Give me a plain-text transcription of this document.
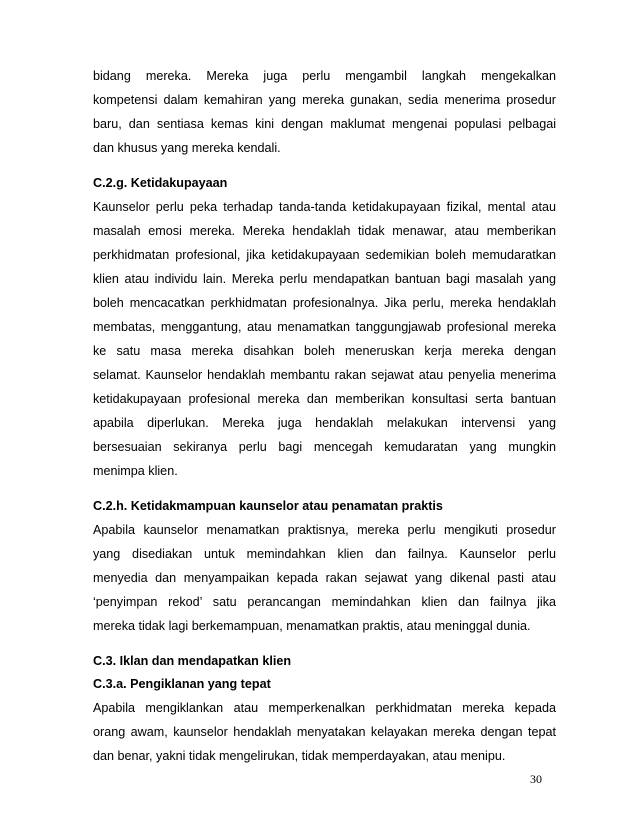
bidang mereka. Mereka juga perlu mengambil langkah mengekalkan
kompetensi dalam kemahiran yang mereka gunakan, sedia menerima prosedur
baru, dan sentiasa kemas kini dengan maklumat mengenai populasi pelbagai
dan khusus yang mereka kendali.
C.2.g. Ketidakupayaan
Kaunselor perlu peka terhadap tanda-tanda ketidakupayaan fizikal, mental atau
masalah emosi mereka. Mereka hendaklah tidak menawar, atau memberikan
perkhidmatan profesional, jika ketidakupayaan sedemikian boleh memudaratkan
klien atau individu lain. Mereka perlu mendapatkan bantuan bagi masalah yang
boleh mencacatkan perkhidmatan profesionalnya. Jika perlu, mereka hendaklah
membatas, menggantung, atau menamatkan tanggungjawab profesional mereka
ke satu masa mereka disahkan boleh meneruskan kerja mereka dengan
selamat. Kaunselor hendaklah membantu rakan sejawat atau penyelia menerima
ketidakupayaan profesional mereka dan memberikan konsultasi serta bantuan
apabila diperlukan. Mereka juga hendaklah melakukan intervensi yang
bersesuaian sekiranya perlu bagi mencegah kemudaratan yang mungkin
menimpa klien.
C.2.h. Ketidakmampuan kaunselor atau penamatan praktis
Apabila kaunselor menamatkan praktisnya, mereka perlu mengikuti prosedur
yang disediakan untuk memindahkan klien dan failnya. Kaunselor perlu
menyedia dan menyampaikan kepada rakan sejawat yang dikenal pasti atau
‘penyimpan rekod’ satu perancangan memindahkan klien dan failnya jika
mereka tidak lagi berkemampuan, menamatkan praktis, atau meninggal dunia.
C.3. Iklan dan mendapatkan klien
C.3.a. Pengiklanan yang tepat
Apabila mengiklankan atau memperkenalkan perkhidmatan mereka kepada
orang awam, kaunselor hendaklah menyatakan kelayakan mereka dengan tepat
dan benar, yakni tidak mengelirukan, tidak memperdayakan, atau menipu.
30
